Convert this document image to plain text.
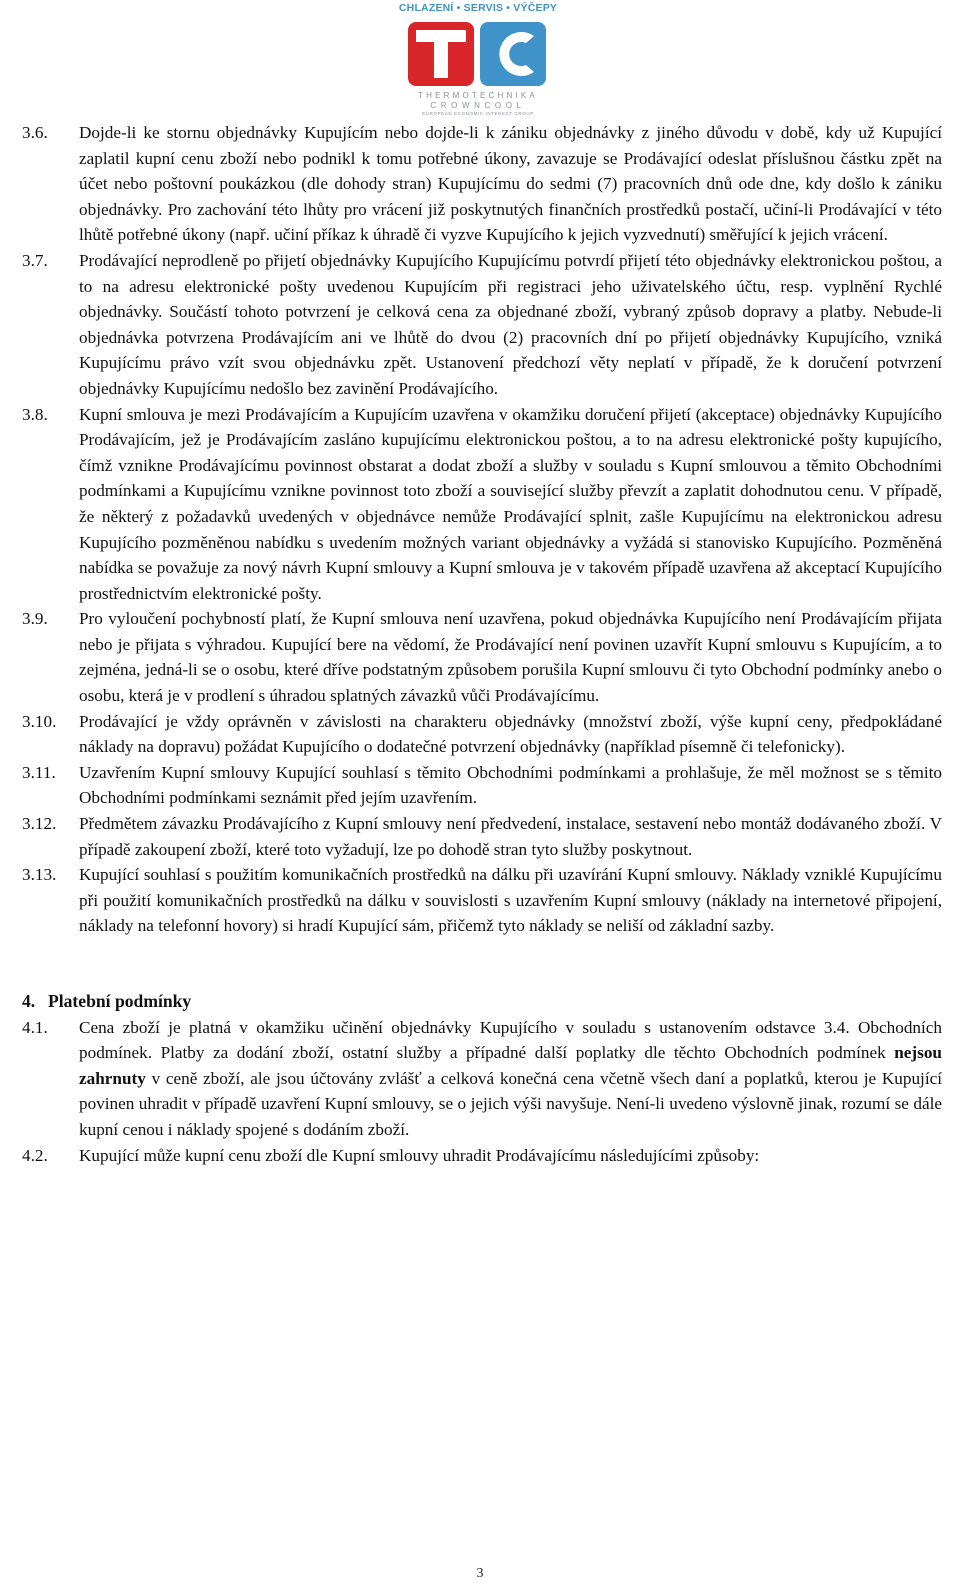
CHLAZENÍ • SERVIS • VÝČEPY
THERMOTECHNIKA
CROWNCOOL
EUROPEAN ECONOMIC INTEREST GROUP
3.6.	Dojde-li ke stornu objednávky Kupujícím nebo dojde-li k zániku objednávky z jiného důvodu v době, kdy už Kupující zaplatil kupní cenu zboží nebo podnikl k tomu potřebné úkony, zavazuje se Prodávající odeslat příslušnou částku zpět na účet nebo poštovní poukázkou (dle dohody stran) Kupujícímu do sedmi (7) pracovních dnů ode dne, kdy došlo k zániku objednávky. Pro zachování této lhůty pro vrácení již poskytnutých finančních prostředků postačí, učiní-li Prodávající v této lhůtě potřebné úkony (např. učiní příkaz k úhradě či vyzve Kupujícího k jejich vyzvednutí) směřující k jejich vrácení.
3.7.	Prodávající neprodleně po přijetí objednávky Kupujícího Kupujícímu potvrdí přijetí této objednávky elektronickou poštou, a to na adresu elektronické pošty uvedenou Kupujícím při registraci jeho uživatelského účtu, resp. vyplnění Rychlé objednávky. Součástí tohoto potvrzení je celková cena za objednané zboží, vybraný způsob dopravy a platby. Nebude-li objednávka potvrzena Prodávajícím ani ve lhůtě do dvou (2) pracovních dní po přijetí objednávky Kupujícího, vzniká Kupujícímu právo vzít svou objednávku zpět. Ustanovení předchozí věty neplatí v případě, že k doručení potvrzení objednávky Kupujícímu nedošlo bez zavinění Prodávajícího.
3.8.	Kupní smlouva je mezi Prodávajícím a Kupujícím uzavřena v okamžiku doručení přijetí (akceptace) objednávky Kupujícího Prodávajícím, jež je Prodávajícím zasláno kupujícímu elektronickou poštou, a to na adresu elektronické pošty kupujícího, čímž vznikne Prodávajícímu povinnost obstarat a dodat zboží a služby v souladu s Kupní smlouvou a těmito Obchodními podmínkami a Kupujícímu vznikne povinnost toto zboží a související služby převzít a zaplatit dohodnutou cenu. V případě, že některý z požadavků uvedených v objednávce nemůže Prodávající splnit, zašle Kupujícímu na elektronickou adresu Kupujícího pozměněnou nabídku s uvedením možných variant objednávky a vyžádá si stanovisko Kupujícího. Pozměněná nabídka se považuje za nový návrh Kupní smlouvy a Kupní smlouva je v takovém případě uzavřena až akceptací Kupujícího prostřednictvím elektronické pošty.
3.9.	Pro vyloučení pochybností platí, že Kupní smlouva není uzavřena, pokud objednávka Kupujícího není Prodávajícím přijata nebo je přijata s výhradou. Kupující bere na vědomí, že Prodávající není povinen uzavřít Kupní smlouvu s Kupujícím, a to zejména, jedná-li se o osobu, které dříve podstatným způsobem porušila Kupní smlouvu či tyto Obchodní podmínky anebo o osobu, která je v prodlení s úhradou splatných závazků vůči Prodávajícímu.
3.10.	Prodávající je vždy oprávněn v závislosti na charakteru objednávky (množství zboží, výše kupní ceny, předpokládané náklady na dopravu) požádat Kupujícího o dodatečné potvrzení objednávky (například písemně či telefonicky).
3.11.	Uzavřením Kupní smlouvy Kupující souhlasí s těmito Obchodními podmínkami a prohlašuje, že měl možnost se s těmito Obchodními podmínkami seznámit před jejím uzavřením.
3.12.	Předmětem závazku Prodávajícího z Kupní smlouvy není předvedení, instalace, sestavení nebo montáž dodávaného zboží. V případě zakoupení zboží, které toto vyžadují, lze po dohodě stran tyto služby poskytnout.
3.13.	Kupující souhlasí s použitím komunikačních prostředků na dálku při uzavírání Kupní smlouvy. Náklady vzniklé Kupujícímu při použití komunikačních prostředků na dálku v souvislosti s uzavřením Kupní smlouvy (náklady na internetové připojení, náklady na telefonní hovory) si hradí Kupující sám, přičemž tyto náklady se neliší od základní sazby.
4. Platební podmínky
4.1.	Cena zboží je platná v okamžiku učinění objednávky Kupujícího v souladu s ustanovením odstavce 3.4. Obchodních podmínek. Platby za dodání zboží, ostatní služby a případné další poplatky dle těchto Obchodních podmínek nejsou zahrnuty v ceně zboží, ale jsou účtovány zvlášť a celková konečná cena včetně všech daní a poplatků, kterou je Kupující povinen uhradit v případě uzavření Kupní smlouvy, se o jejich výši navyšuje. Není-li uvedeno výslovně jinak, rozumí se dále kupní cenou i náklady spojené s dodáním zboží.
4.2.	Kupující může kupní cenu zboží dle Kupní smlouvy uhradit Prodávajícímu následujícími způsoby:
3
